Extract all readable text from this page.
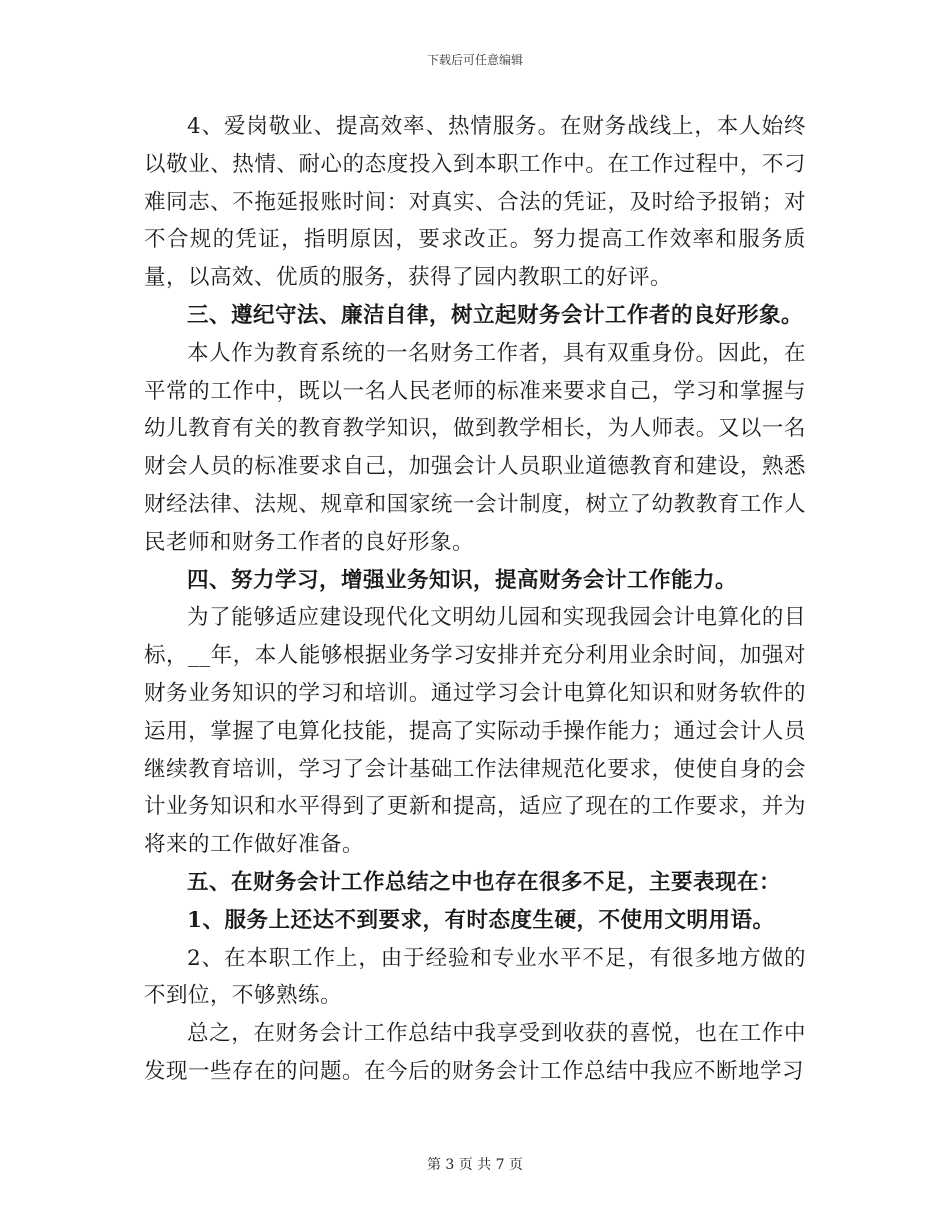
下载后可任意编辑

4、爱岗敬业、提高效率、热情服务。在财务战线上，本人始终以敬业、热情、耐心的态度投入到本职工作中。在工作过程中，不刁难同志、不拖延报账时间：对真实、合法的凭证，及时给予报销；对不合规的凭证，指明原因，要求改正。努力提高工作效率和服务质量，以高效、优质的服务，获得了园内教职工的好评。

三、遵纪守法、廉洁自律，树立起财务会计工作者的良好形象。

本人作为教育系统的一名财务工作者，具有双重身份。因此，在平常的工作中，既以一名人民老师的标准来要求自己，学习和掌握与幼儿教育有关的教育教学知识，做到教学相长，为人师表。又以一名财会人员的标准要求自己，加强会计人员职业道德教育和建设，熟悉财经法律、法规、规章和国家统一会计制度，树立了幼教教育工作人民老师和财务工作者的良好形象。

四、努力学习，增强业务知识，提高财务会计工作能力。

为了能够适应建设现代化文明幼儿园和实现我园会计电算化的目标，__年，本人能够根据业务学习安排并充分利用业余时间，加强对财务业务知识的学习和培训。通过学习会计电算化知识和财务软件的运用，掌握了电算化技能，提高了实际动手操作能力；通过会计人员继续教育培训，学习了会计基础工作法律规范化要求，使使自身的会计业务知识和水平得到了更新和提高，适应了现在的工作要求，并为将来的工作做好准备。

五、在财务会计工作总结之中也存在很多不足，主要表现在：

1、服务上还达不到要求，有时态度生硬，不使用文明用语。

2、在本职工作上，由于经验和专业水平不足，有很多地方做的不到位，不够熟练。

总之，在财务会计工作总结中我享受到收获的喜悦，也在工作中发现一些存在的问题。在今后的财务会计工作总结中我应不断地学习

第 3 页 共 7 页
